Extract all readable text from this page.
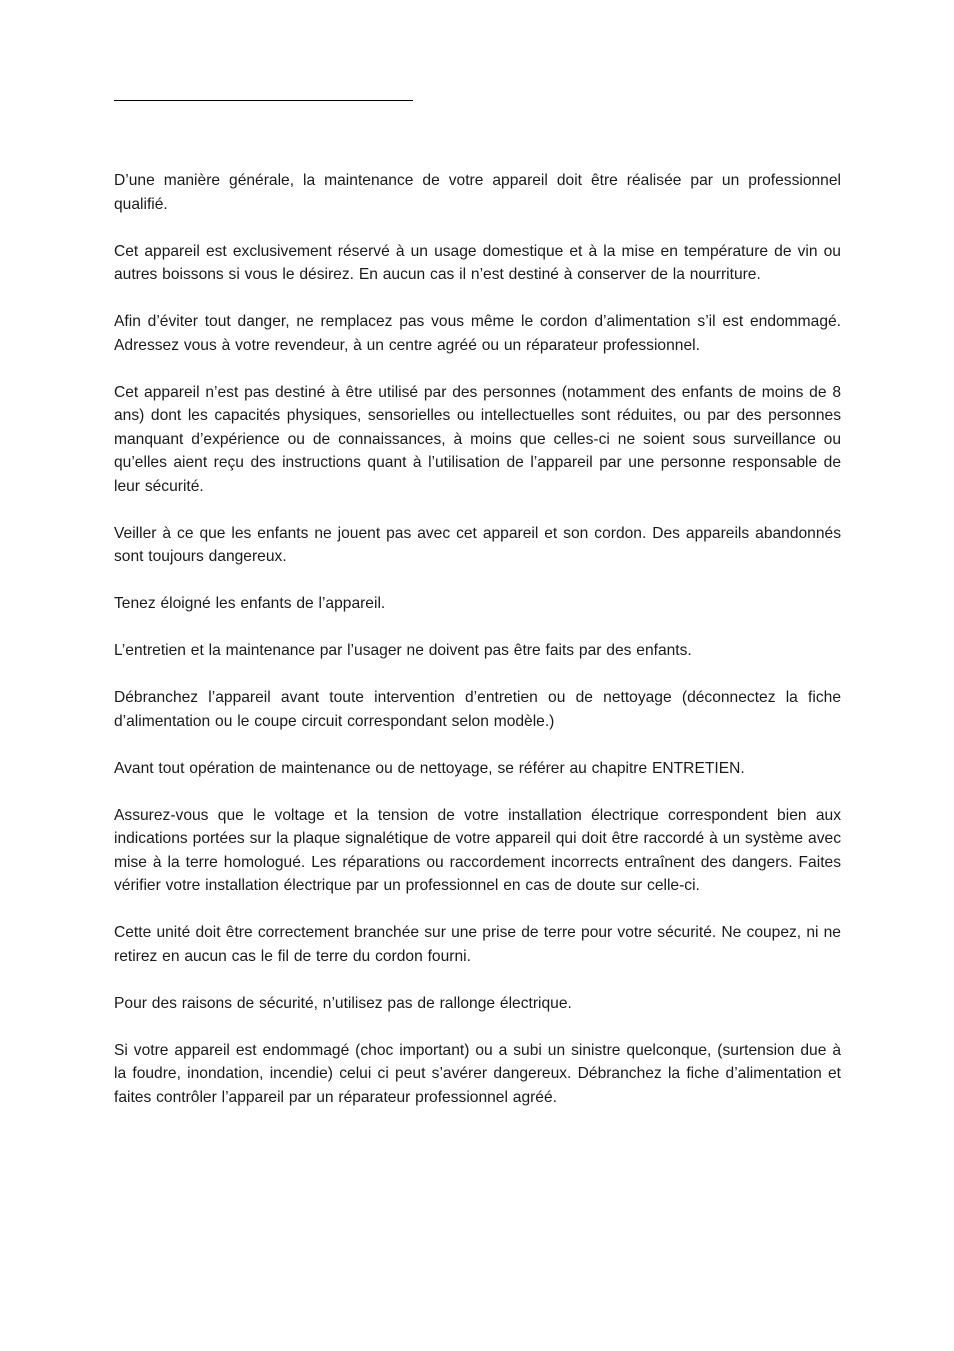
D’une manière générale, la maintenance de votre appareil doit être réalisée par un professionnel qualifié.

Cet appareil est exclusivement réservé à un usage domestique et à la mise en température de vin ou autres boissons si vous le désirez. En aucun cas il n’est destiné à conserver de la nourriture.

Afin d’éviter tout danger, ne remplacez pas vous même le cordon d’alimentation s’il est endommagé. Adressez vous à votre revendeur, à un centre agréé ou un réparateur professionnel.

Cet appareil n’est pas destiné à être utilisé par des personnes (notamment des enfants de moins de 8 ans) dont les capacités physiques, sensorielles ou intellectuelles sont réduites, ou par des personnes manquant d’expérience ou de connaissances, à moins que celles-ci ne soient sous surveillance ou qu’elles aient reçu des instructions quant à l’utilisation de l’appareil par une personne responsable de leur sécurité.

Veiller à ce que les enfants ne jouent pas avec cet appareil et son cordon. Des appareils abandonnés sont toujours dangereux.

Tenez éloigné les enfants de l’appareil.

L’entretien et la maintenance par l’usager ne doivent pas être faits par des enfants.

Débranchez l’appareil avant toute intervention d’entretien ou de nettoyage (déconnectez la fiche d’alimentation ou le coupe circuit correspondant selon modèle.)

Avant tout opération de maintenance ou de nettoyage, se référer au chapitre ENTRETIEN.

Assurez-vous que le voltage et la tension de votre installation électrique correspondent bien aux indications portées sur la plaque signalétique de votre appareil qui doit être raccordé à un système avec mise à la terre homologué. Les réparations ou raccordement incorrects entraînent des dangers. Faites vérifier votre installation électrique par un professionnel en cas de doute sur celle-ci.

Cette unité doit être correctement branchée sur une prise de terre pour votre sécurité. Ne coupez, ni ne retirez en aucun cas le fil de terre du cordon fourni.

Pour des raisons de sécurité, n’utilisez pas de rallonge électrique.

Si votre appareil est endommagé (choc important) ou a subi un sinistre quelconque, (surtension due à la foudre, inondation, incendie) celui ci peut s’avérer dangereux. Débranchez la fiche d’alimentation et faites contrôler l’appareil par un réparateur professionnel agréé.
